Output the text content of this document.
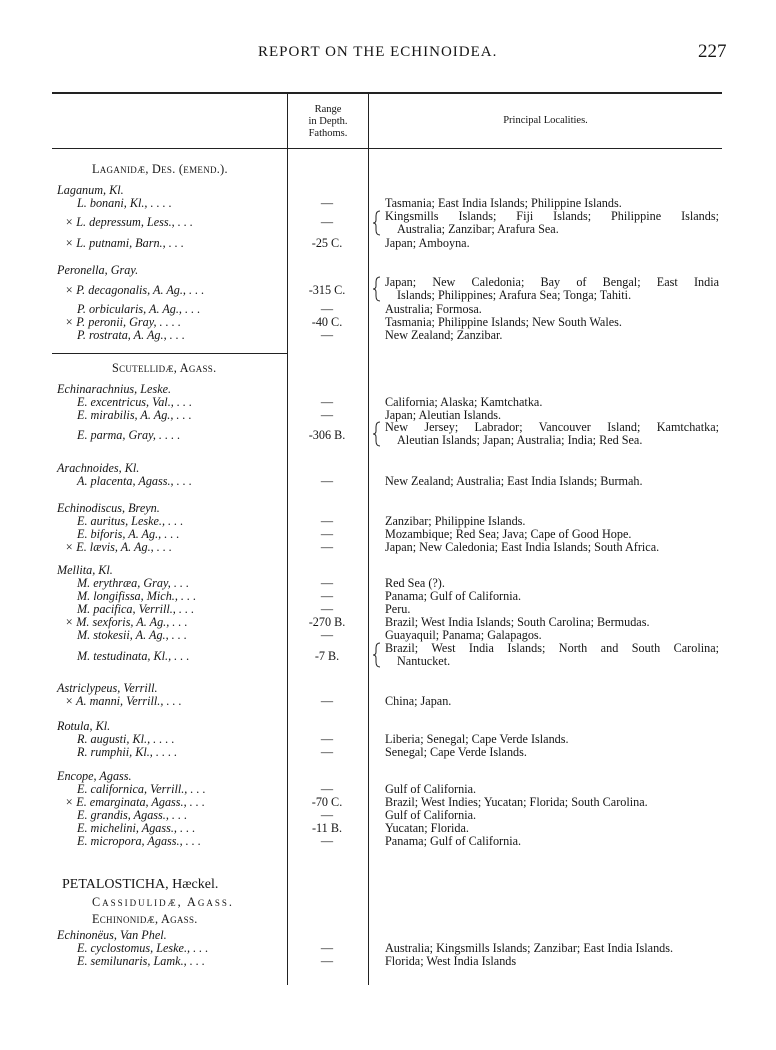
REPORT ON THE ECHINOIDEA.	227
Range
in Depth.
Fathoms.
Principal Localities.
Laganidæ, Des. (emend.).
Laganum, Kl.
L. bonani, Kl., . . . .	—	Tasmania; East India Islands; Philippine Islands.
× L. depressum, Less., . . .	—	Kingsmills Islands; Fiji Islands; Philippine Islands;
Australia; Zanzibar; Arafura Sea.
× L. putnami, Barn., . . .	-25 C.	Japan; Amboyna.
Peronella, Gray.
× P. decagonalis, A. Ag., . . .	-315 C.
Japan; New Caledonia; Bay of Bengal; East India
Islands; Philippines; Arafura Sea; Tonga; Tahiti.
P. orbicularis, A. Ag., . . .	—	Australia; Formosa.
× P. peronii, Gray, . . . .	-40 C.	Tasmania; Philippine Islands; New South Wales.
P. rostrata, A. Ag., . . .	—	New Zealand; Zanzibar.
Scutellidæ, Agass.
Echinarachnius, Leske.
E. excentricus, Val., . . .	—	California; Alaska; Kamtchatka.
E. mirabilis, A. Ag., . . .	—	Japan; Aleutian Islands.
E. parma, Gray, . . . .	-306 B.
New Jersey; Labrador; Vancouver Island; Kamtchatka;
Aleutian Islands; Japan; Australia; India; Red Sea.
Arachnoides, Kl.
A. placenta, Agass., . . .	—	New Zealand; Australia; East India Islands; Burmah.
Echinodiscus, Breyn.
E. auritus, Leske., . . .	—	Zanzibar; Philippine Islands.
E. biforis, A. Ag., . . .	—	Mozambique; Red Sea; Java; Cape of Good Hope.
× E. lævis, A. Ag., . . .	—	Japan; New Caledonia; East India Islands; South Africa.
Mellita, Kl.
M. erythræa, Gray, . . .	—	Red Sea (?).
M. longifissa, Mich., . . .	—	Panama; Gulf of California.
M. pacifica, Verrill., . . .	—	Peru.
× M. sexforis, A. Ag., . . .	-270 B.	Brazil; West India Islands; South Carolina; Bermudas.
M. stokesii, A. Ag., . . .	—	Guayaquil; Panama; Galapagos.
M. testudinata, Kl., . . .	-7 B.
Brazil; West India Islands; North and South Carolina;
Nantucket.
Astriclypeus, Verrill.
× A. manni, Verrill., . . .	—	China; Japan.
Rotula, Kl.
R. augusti, Kl., . . . .	—	Liberia; Senegal; Cape Verde Islands.
R. rumphii, Kl., . . . .	—	Senegal; Cape Verde Islands.
Encope, Agass.
E. californica, Verrill., . . .	—	Gulf of California.
× E. emarginata, Agass., . . .	-70 C.	Brazil; West Indies; Yucatan; Florida; South Carolina.
E. grandis, Agass., . . .	—	Gulf of California.
E. michelini, Agass., . . .	-11 B.	Yucatan; Florida.
E. micropora, Agass., . . .	—	Panama; Gulf of California.
PETALOSTICHA, Hæckel.
Cassidulidæ, Agass.
Echinonidæ, Agass.
Echinonëus, Van Phel.
E. cyclostomus, Leske., . . .	—	Australia; Kingsmills Islands; Zanzibar; East India Islands.
E. semilunaris, Lamk., . . .	—	Florida; West India Islands
